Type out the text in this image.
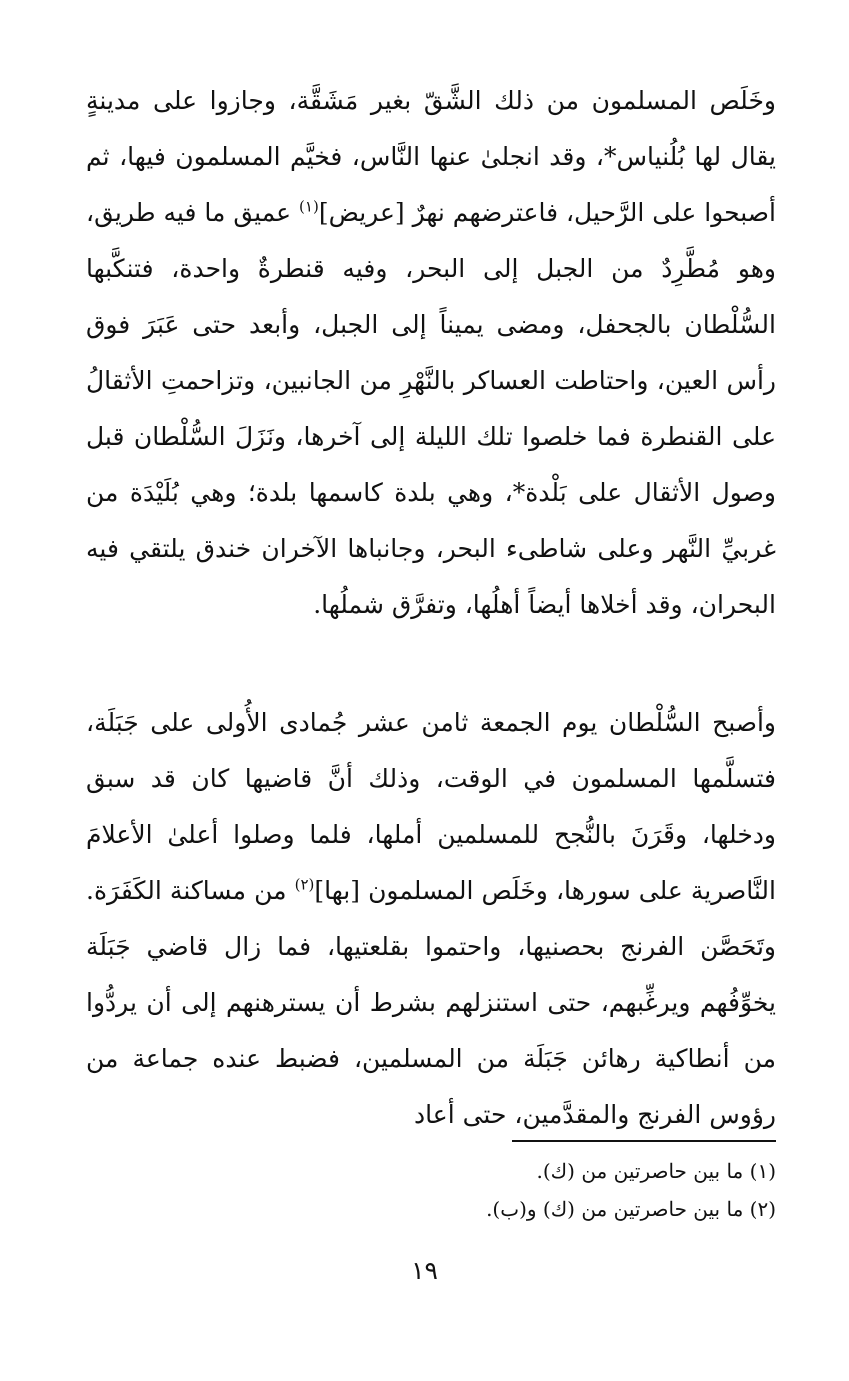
وخَلَص المسلمون من ذلك الشَّقّ بغير مَشَقَّة، وجازوا على مدينةٍ يقال لها بُلُنياس*، وقد انجلىٰ عنها النَّاس، فخيَّم المسلمون فيها، ثم أصبحوا على الرَّحيل، فاعترضهم نهرٌ [عريض]$^{(١)}$ عميق ما فيه طريق، وهو مُطَّرِدٌ من الجبل إلى البحر، وفيه قنطرةٌ واحدة، فتنكَّبها السُّلْطان بالجحفل، ومضى يميناً إلى الجبل، وأبعد حتى عَبَرَ فوق رأس العين، واحتاطت العساكر بالنَّهْرِ من الجانبين، وتزاحمتِ الأثقالُ على القنطرة فما خلصوا تلك الليلة إلى آخرها، ونَزَلَ السُّلْطان قبل وصول الأثقال على بَلْدة*، وهي بلدة كاسمها بلدة؛ وهي بُلَيْدَة من غربيِّ النَّهر وعلى شاطىء البحر، وجانباها الآخران خندق يلتقي فيه البحران، وقد أخلاها أيضاً أهلُها، وتفرَّق شملُها.

وأصبح السُّلْطان يوم الجمعة ثامن عشر جُمادى الأُولى على جَبَلَة، فتسلَّمها المسلمون في الوقت، وذلك أنَّ قاضيها كان قد سبق ودخلها، وقَرَنَ بالنُّجح للمسلمين أملها، فلما وصلوا أعلىٰ الأعلامَ النَّاصرية على سورها، وخَلَص المسلمون [بها]$^{(٢)}$ من مساكنة الكَفَرَة. وتَحَصَّن الفرنج بحصنيها، واحتموا بقلعتيها، فما زال قاضي جَبَلَة يخوِّفُهم ويرغِّبهم، حتى استنزلهم بشرط أن يسترهنهم إلى أن يردُّوا من أنطاكية رهائن جَبَلَة من المسلمين، فضبط عنده جماعة من رؤوس الفرنج والمقدَّمين، حتى أعاد

(١) ما بين حاصرتين من (ك).
(٢) ما بين حاصرتين من (ك) و(ب).
١٩
